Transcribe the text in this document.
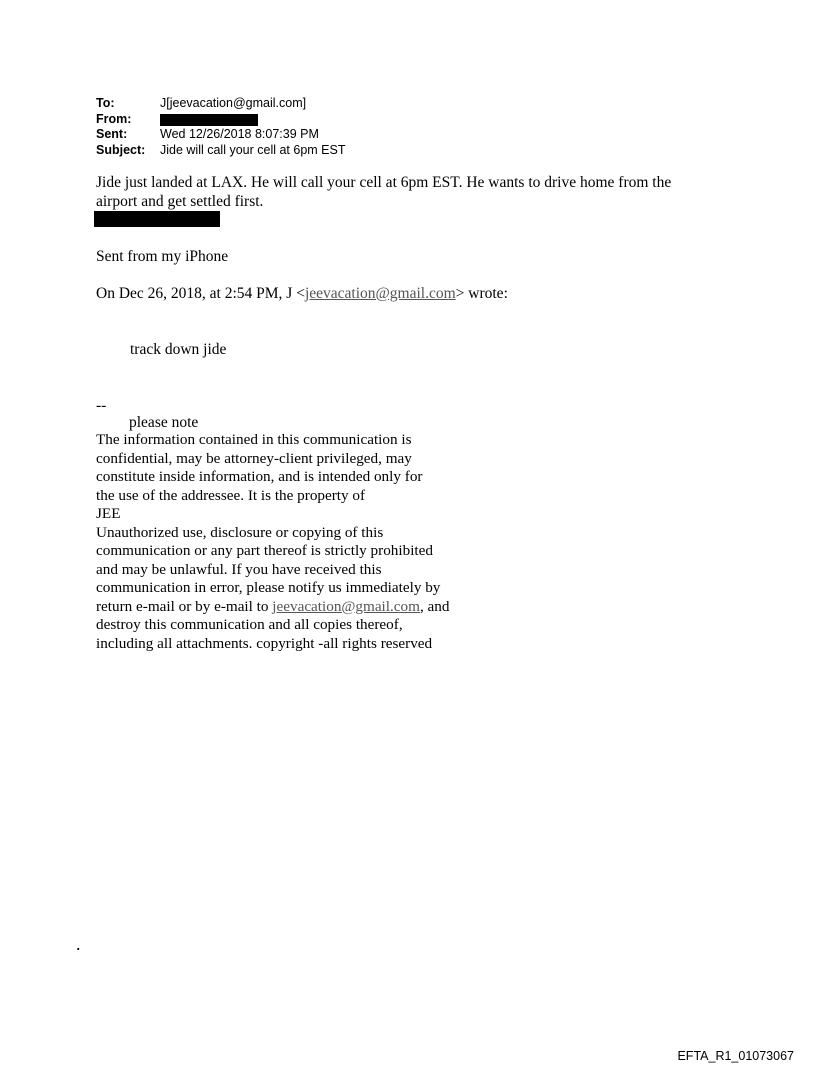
To:	J[jeevacation@gmail.com]
From:
Sent:	Wed 12/26/2018 8:07:39 PM
Subject:	Jide will call your cell at 6pm EST
Jide just landed at LAX. He will call your cell at 6pm EST. He wants to drive home from the
airport and get settled first.
Sent from my iPhone
On Dec 26, 2018, at 2:54 PM, J <jeevacation@gmail.com> wrote:
track down jide
--
please note
The information contained in this communication is
confidential, may be attorney-client privileged, may
constitute inside information, and is intended only for
the use of the addressee. It is the property of
JEE
Unauthorized use, disclosure or copying of this
communication or any part thereof is strictly prohibited
and may be unlawful. If you have received this
communication in error, please notify us immediately by
return e-mail or by e-mail to jeevacation@gmail.com, and
destroy this communication and all copies thereof,
including all attachments. copyright -all rights reserved
.
EFTA_R1_01073067
